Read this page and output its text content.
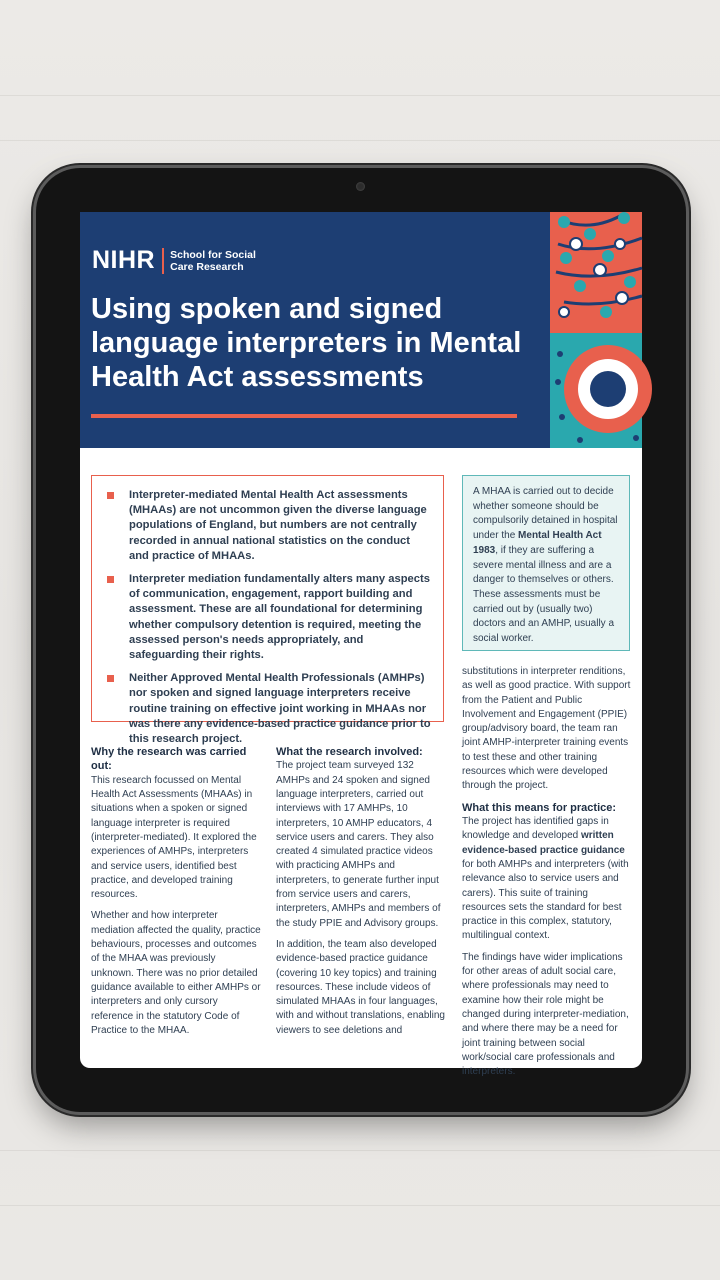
NIHR School for Social
Care Research
Using spoken and signed language interpreters in Mental Health Act assessments
Interpreter-mediated Mental Health Act assessments (MHAAs) are not uncommon given the diverse language populations of England, but numbers are not centrally recorded in annual national statistics on the conduct and practice of MHAAs.
Interpreter mediation fundamentally alters many aspects of communication, engagement, rapport building and assessment. These are all foundational for determining whether compulsory detention is required, meeting the assessed person's needs appropriately, and safeguarding their rights.
Neither Approved Mental Health Professionals (AMHPs) nor spoken and signed language interpreters receive routine training on effective joint working in MHAAs nor was there any evidence-based practice guidance prior to this research project.
A MHAA is carried out to decide whether someone should be compulsorily detained in hospital under the Mental Health Act 1983, if they are suffering a severe mental illness and are a danger to themselves or others. These assessments must be carried out by (usually two) doctors and an AMHP, usually a social worker.
Why the research was carried out:

This research focussed on Mental Health Act Assessments (MHAAs) in situations when a spoken or signed language interpreter is required (interpreter-mediated). It explored the experiences of AMHPs, interpreters and service users, identified best practice, and developed training resources.

Whether and how interpreter mediation affected the quality, practice behaviours, processes and outcomes of the MHAA was previously unknown. There was no prior detailed guidance available to either AMHPs or interpreters and only cursory reference in the statutory Code of Practice to the MHAA.

What the research involved:

The project team surveyed 132 AMHPs and 24 spoken and signed language interpreters, carried out interviews with 17 AMHPs, 10 interpreters, 10 AMHP educators, 4 service users and carers. They also created 4 simulated practice videos with practicing AMHPs and interpreters, to generate further input from service users and carers, interpreters, AMHPs and members of the study PPIE and Advisory groups.

In addition, the team also developed evidence-based practice guidance (covering 10 key topics) and training resources. These include videos of simulated MHAAs in four languages, with and without translations, enabling viewers to see deletions and

substitutions in interpreter renditions, as well as good practice. With support from the Patient and Public Involvement and Engagement (PPIE) group/advisory board, the team ran joint AMHP-interpreter training events to test these and other training resources which were developed through the project.

What this means for practice:

The project has identified gaps in knowledge and developed written evidence-based practice guidance for both AMHPs and interpreters (with relevance also to service users and carers). This suite of training resources sets the standard for best practice in this complex, statutory, multilingual context.

The findings have wider implications for other areas of adult social care, where professionals may need to examine how their role might be changed during interpreter-mediation, and where there may be a need for joint training between social work/social care professionals and interpreters.
